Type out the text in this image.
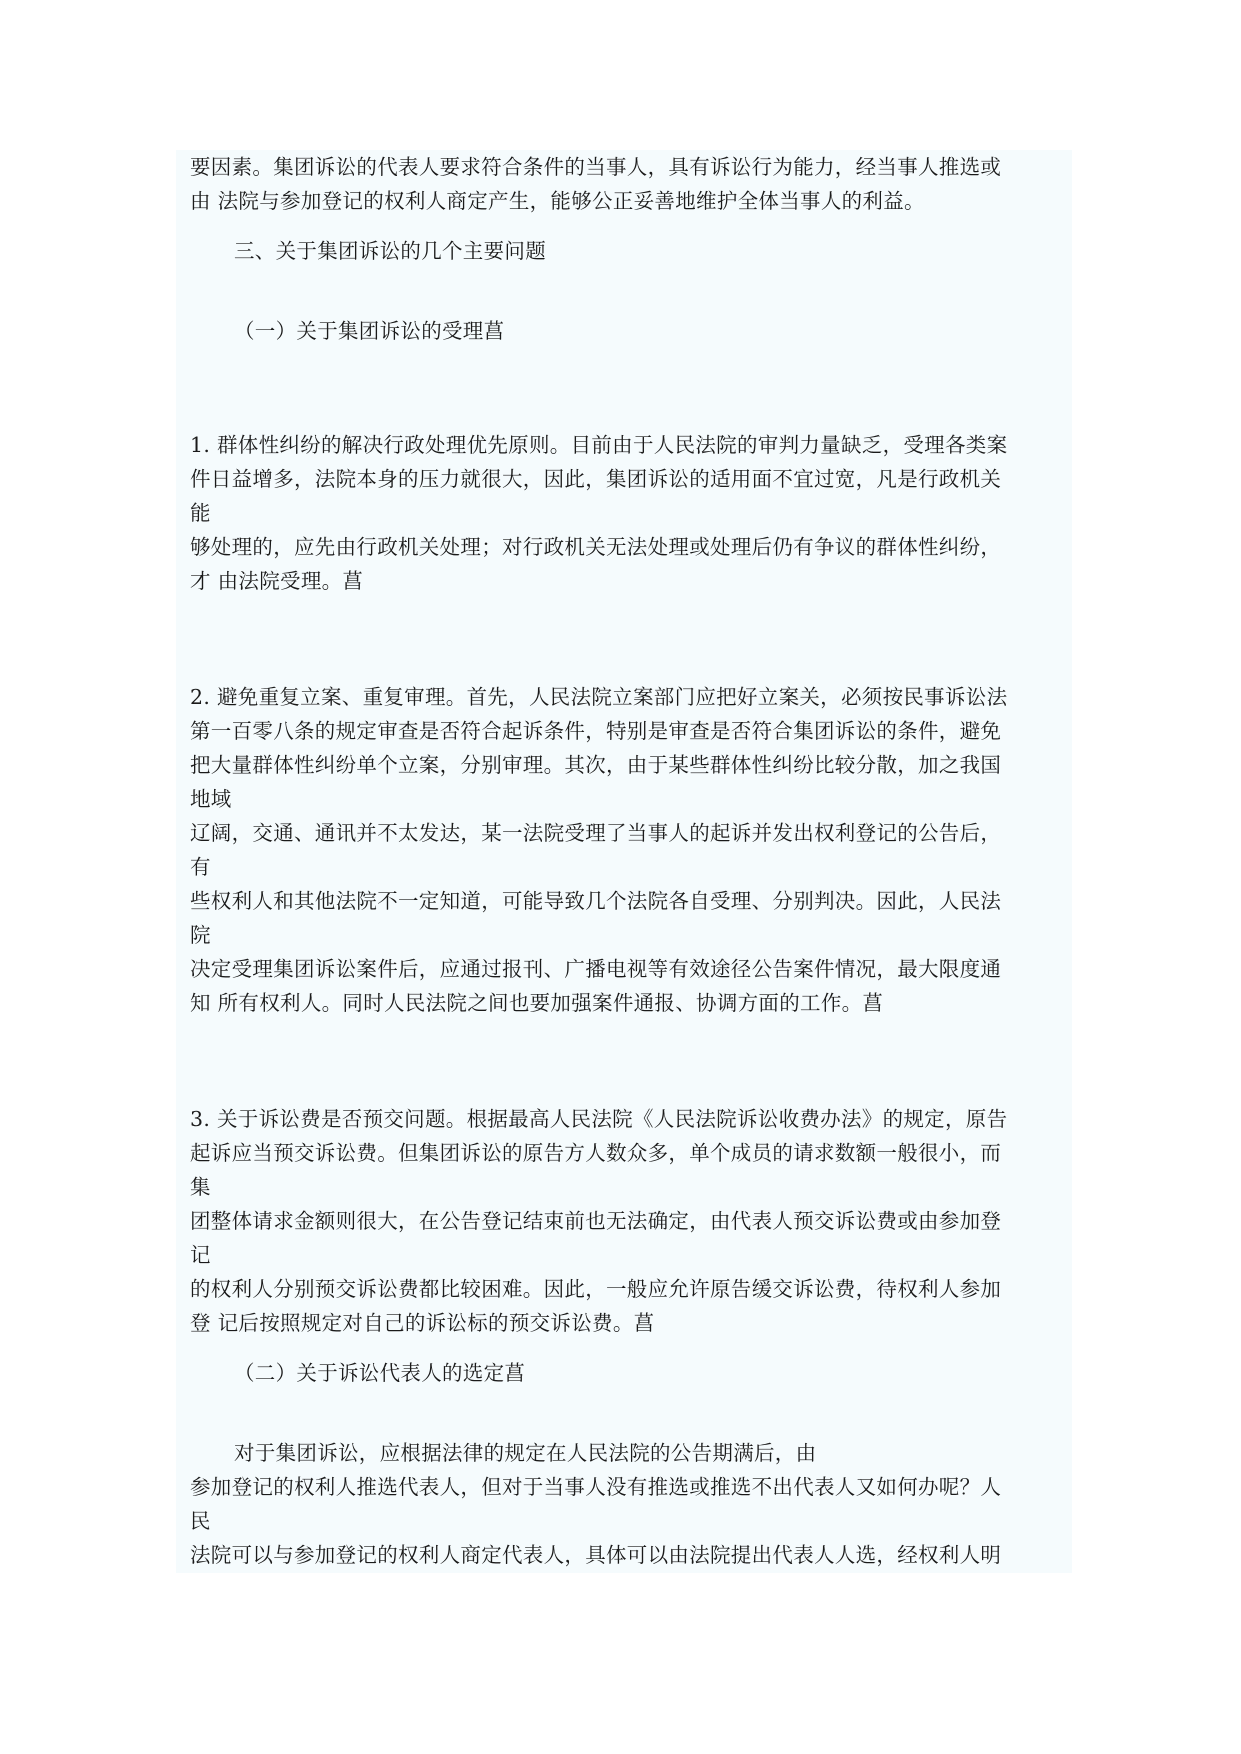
要因素。集团诉讼的代表人要求符合条件的当事人，具有诉讼行为能力，经当事人推选或
由 法院与参加登记的权利人商定产生，能够公正妥善地维护全体当事人的利益。
三、关于集团诉讼的几个主要问题
（一）关于集团诉讼的受理菖
1. 群体性纠纷的解决行政处理优先原则。目前由于人民法院的审判力量缺乏，受理各类案
件日益增多，法院本身的压力就很大，因此，集团诉讼的适用面不宜过宽，凡是行政机关
能
够处理的，应先由行政机关处理；对行政机关无法处理或处理后仍有争议的群体性纠纷，
才 由法院受理。菖
2. 避免重复立案、重复审理。首先，人民法院立案部门应把好立案关，必须按民事诉讼法
第一百零八条的规定审查是否符合起诉条件，特别是审查是否符合集团诉讼的条件，避免
把大量群体性纠纷单个立案，分别审理。其次，由于某些群体性纠纷比较分散，加之我国
地域
辽阔，交通、通讯并不太发达，某一法院受理了当事人的起诉并发出权利登记的公告后，
有
些权利人和其他法院不一定知道，可能导致几个法院各自受理、分别判决。因此，人民法
院
决定受理集团诉讼案件后，应通过报刊、广播电视等有效途径公告案件情况，最大限度通
知 所有权利人。同时人民法院之间也要加强案件通报、协调方面的工作。菖
3. 关于诉讼费是否预交问题。根据最高人民法院《人民法院诉讼收费办法》的规定，原告
起诉应当预交诉讼费。但集团诉讼的原告方人数众多，单个成员的请求数额一般很小，而
集
团整体请求金额则很大，在公告登记结束前也无法确定，由代表人预交诉讼费或由参加登
记
的权利人分别预交诉讼费都比较困难。因此，一般应允许原告缓交诉讼费，待权利人参加
登 记后按照规定对自己的诉讼标的预交诉讼费。菖
（二）关于诉讼代表人的选定菖
对于集团诉讼，应根据法律的规定在人民法院的公告期满后，由
参加登记的权利人推选代表人，但对于当事人没有推选或推选不出代表人又如何办呢？人
民
法院可以与参加登记的权利人商定代表人，具体可以由法院提出代表人人选，经权利人明
